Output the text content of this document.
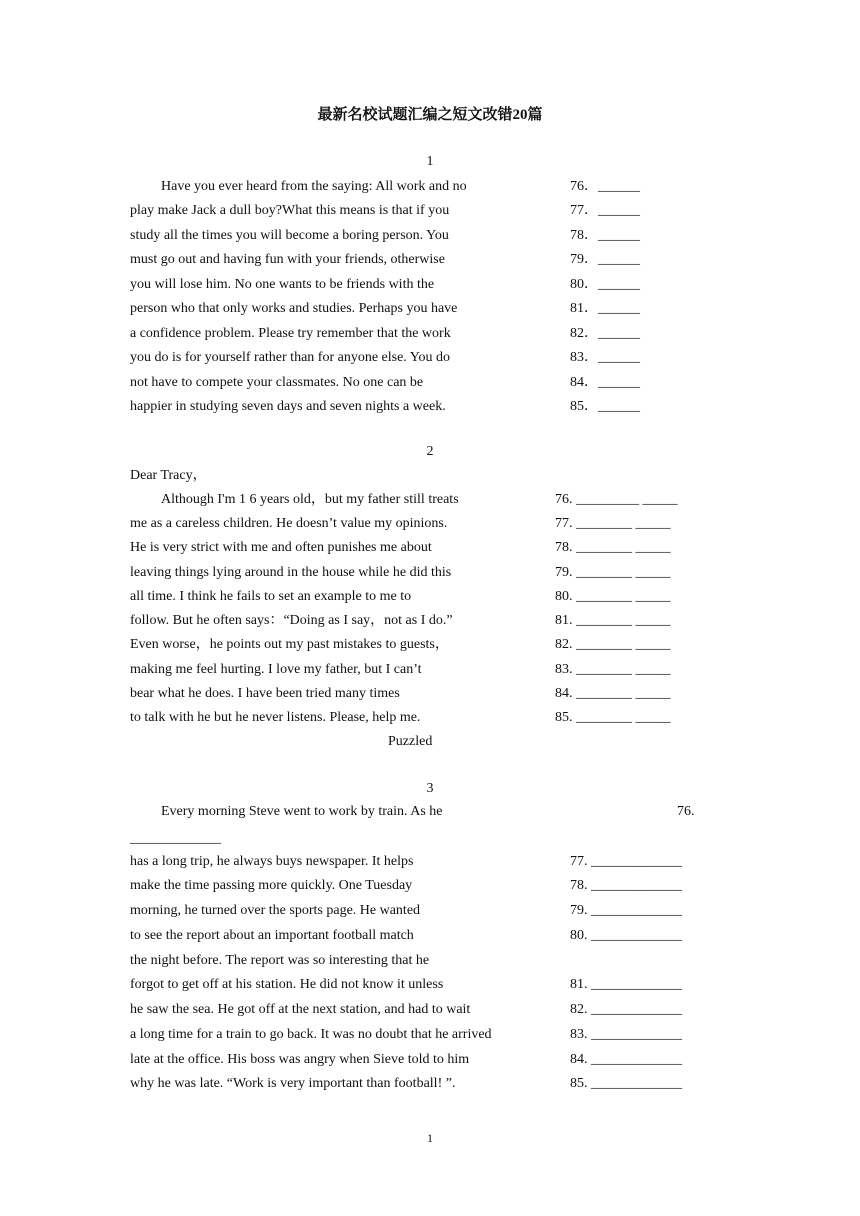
最新名校试题汇编之短文改错20篇
1
Have you ever heard from the saying: All work and no
play make Jack a dull boy?What this means is that if you
study all the times you will become a boring person. You
must go out and having fun with your friends, otherwise
you will lose him. No one wants to be friends with the
person who that only works and studies. Perhaps you have
a confidence problem. Please try remember that the work
you do is for yourself rather than for anyone else. You do
not have to compete your classmates. No one can be
happier in studying seven days and seven nights a week.
76．______
77．______
78．______
79．______
80．______
81．______
82．______
83．______
84．______
85．______
2
Dear Tracy，
Although I'm 1 6 years old，but my father still treats
me as a careless children. He doesn’t value my opinions.
He is very strict with me and often punishes me about
leaving things lying around in the house while he did this
all time. I think he fails to set an example to me to
follow. But he often says：“Doing as I say，not as I do.”
Even worse，he points out my past mistakes to guests，
making me feel hurting. I love my father, but I can’t
bear what he does. I have been tried many times
to talk with he but he never listens. Please, help me.
76. _________ _____
77. ________ _____
78. ________ _____
79. ________ _____
80. ________ _____
81. ________ _____
82. ________ _____
83. ________ _____
84. ________ _____
85. ________ _____
Puzzled
3
Every morning Steve went to work by train. As he	76.
_____________
has a long trip, he always buys newspaper. It helps
make the time passing more quickly. One Tuesday
morning, he turned over the sports page. He wanted
to see the report about an important football match
the night before. The report was so interesting that he
forgot to get off at his station. He did not know it unless
he saw the sea. He got off at the next station, and had to wait
a long time for a train to go back. It was no doubt that he arrived
late at the office. His boss was angry when Sieve told to him
why he was late. “Work is very important than football! ”.
77. _____________
78. _____________
79. _____________
80. _____________
81. _____________
82. _____________
83. _____________
84. _____________
85. _____________
1
